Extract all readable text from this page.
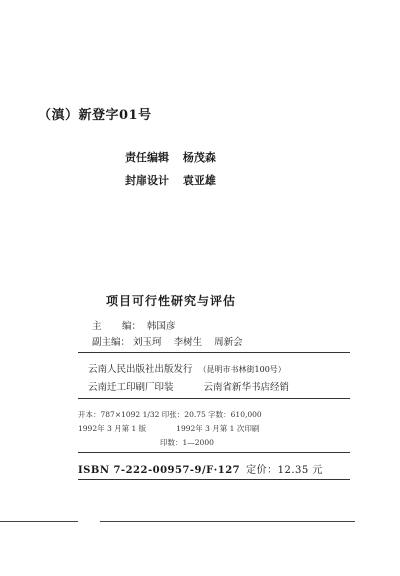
（滇）新登字01号
责任编辑 杨茂森
封扉设计 袁亚雄
项目可行性研究与评估
主 编： 韩国彦
副主编： 刘玉珂 李树生 周新会
云南人民出版社出版发行 （昆明市书林街100号）
云南迁工印刷厂印装	云南省新华书店经销
开本：787×1092 1/32 印张：20.75 字数：610,000
1992年 3 月第 1 版	1992年 3 月第 1 次印刷
印数：1—2000
ISBN 7-222-00957-9/F·127 定价：12.35 元
